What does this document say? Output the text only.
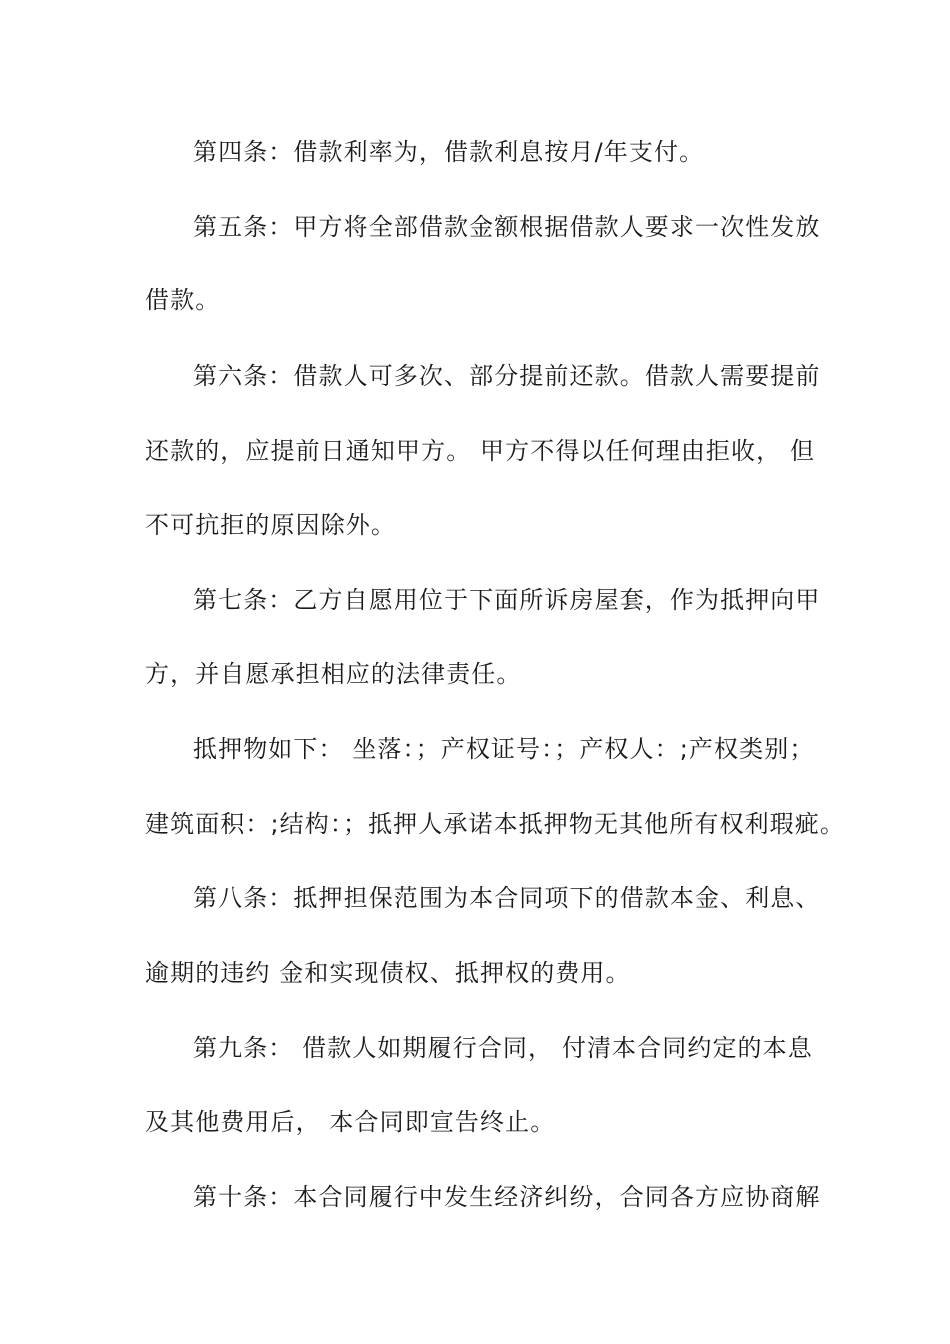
第四条：借款利率为，借款利息按月/年支付。
第五条：甲方将全部借款金额根据借款人要求一次性发放
借款。
第六条：借款人可多次、部分提前还款。借款人需要提前
还款的，应提前日通知甲方。 甲方不得以任何理由拒收， 但
不可抗拒的原因除外。
第七条：乙方自愿用位于下面所诉房屋套，作为抵押向甲
方，并自愿承担相应的法律责任。
抵押物如下： 坐落：；产权证号：；产权人：;产权类别；
建筑面积：;结构：；抵押人承诺本抵押物无其他所有权利瑕疵。
第八条：抵押担保范围为本合同项下的借款本金、利息、
逾期的违约 金和实现债权、抵押权的费用。
第九条： 借款人如期履行合同， 付清本合同约定的本息
及其他费用后， 本合同即宣告终止。
第十条：本合同履行中发生经济纠纷，合同各方应协商解
